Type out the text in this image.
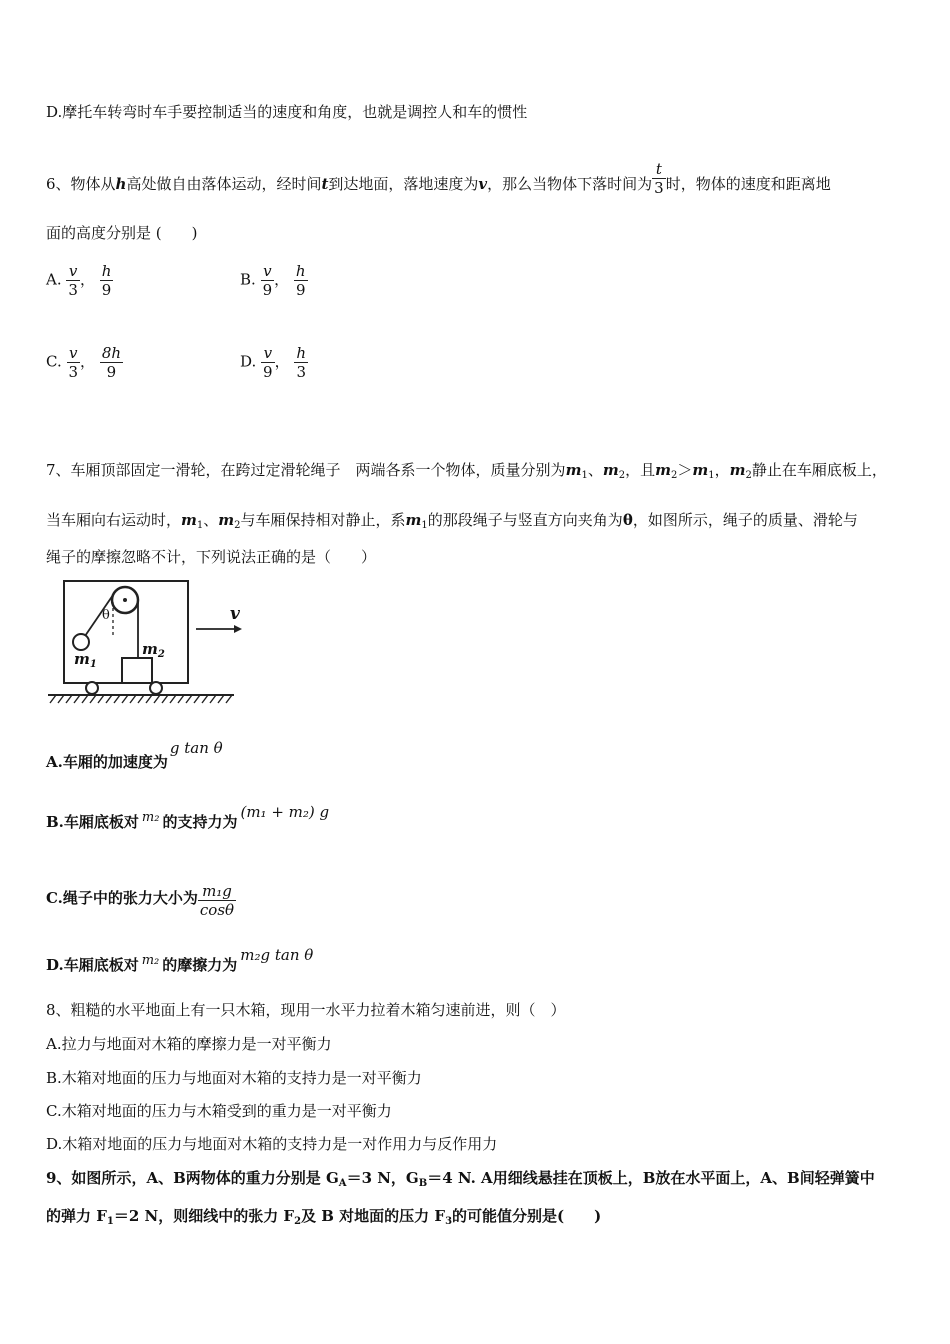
D.摩托车转弯时车手要控制适当的速度和角度，也就是调控人和车的惯性
6、物体从h高处做自由落体运动，经时间t到达地面，落地速度为v，那么当物体下落时间为 $\frac{t}{3}$ 时，物体的速度和距离地
面的高度分别是 (　　)
A. $\frac{v}{3}$ ， $\frac{h}{9}$	B. $\frac{v}{9}$ ， $\frac{h}{9}$
C. $\frac{v}{3}$ ， $\frac{8h}{9}$	D. $\frac{v}{9}$ ， $\frac{h}{3}$
7、车厢顶部固定一滑轮，在跨过定滑轮绳子　两端各系一个物体，质量分别为$m_1$、$m_2$，且$m_2>m_1$，$m_2$静止在车厢底板上，
当车厢向右运动时，$m_1$、$m_2$与车厢保持相对静止，系$m_1$的那段绳子与竖直方向夹角为θ，如图所示，绳子的质量、滑轮与
绳子的摩擦忽略不计，下列说法正确的是（　　）
v
θ
$m_1$
$m_2$
A.车厢的加速度为g tan θ
B.车厢底板对 m₂ 的支持力为(m₁ + m₂) g
C.绳子中的张力大小为 $\frac{\text{m₁g}}{\cos\theta}$
D.车厢底板对 m₂ 的摩擦力为m₂g tan θ
8、粗糙的水平地面上有一只木箱，现用一水平力拉着木箱匀速前进，则（　）
A.拉力与地面对木箱的摩擦力是一对平衡力
B.木箱对地面的压力与地面对木箱的支持力是一对平衡力
C.木箱对地面的压力与木箱受到的重力是一对平衡力
D.木箱对地面的压力与地面对木箱的支持力是一对作用力与反作用力
9、如图所示，A、B两物体的重力分别是 $G_A=3$ N，$G_B=4$ N. A用细线悬挂在顶板上，B放在水平面上，A、B间轻弹簧中
的弹力 $F_1=2$ N，则细线中的张力 $F_2$及 B 对地面的压力 $F_3$的可能值分别是(　　)
